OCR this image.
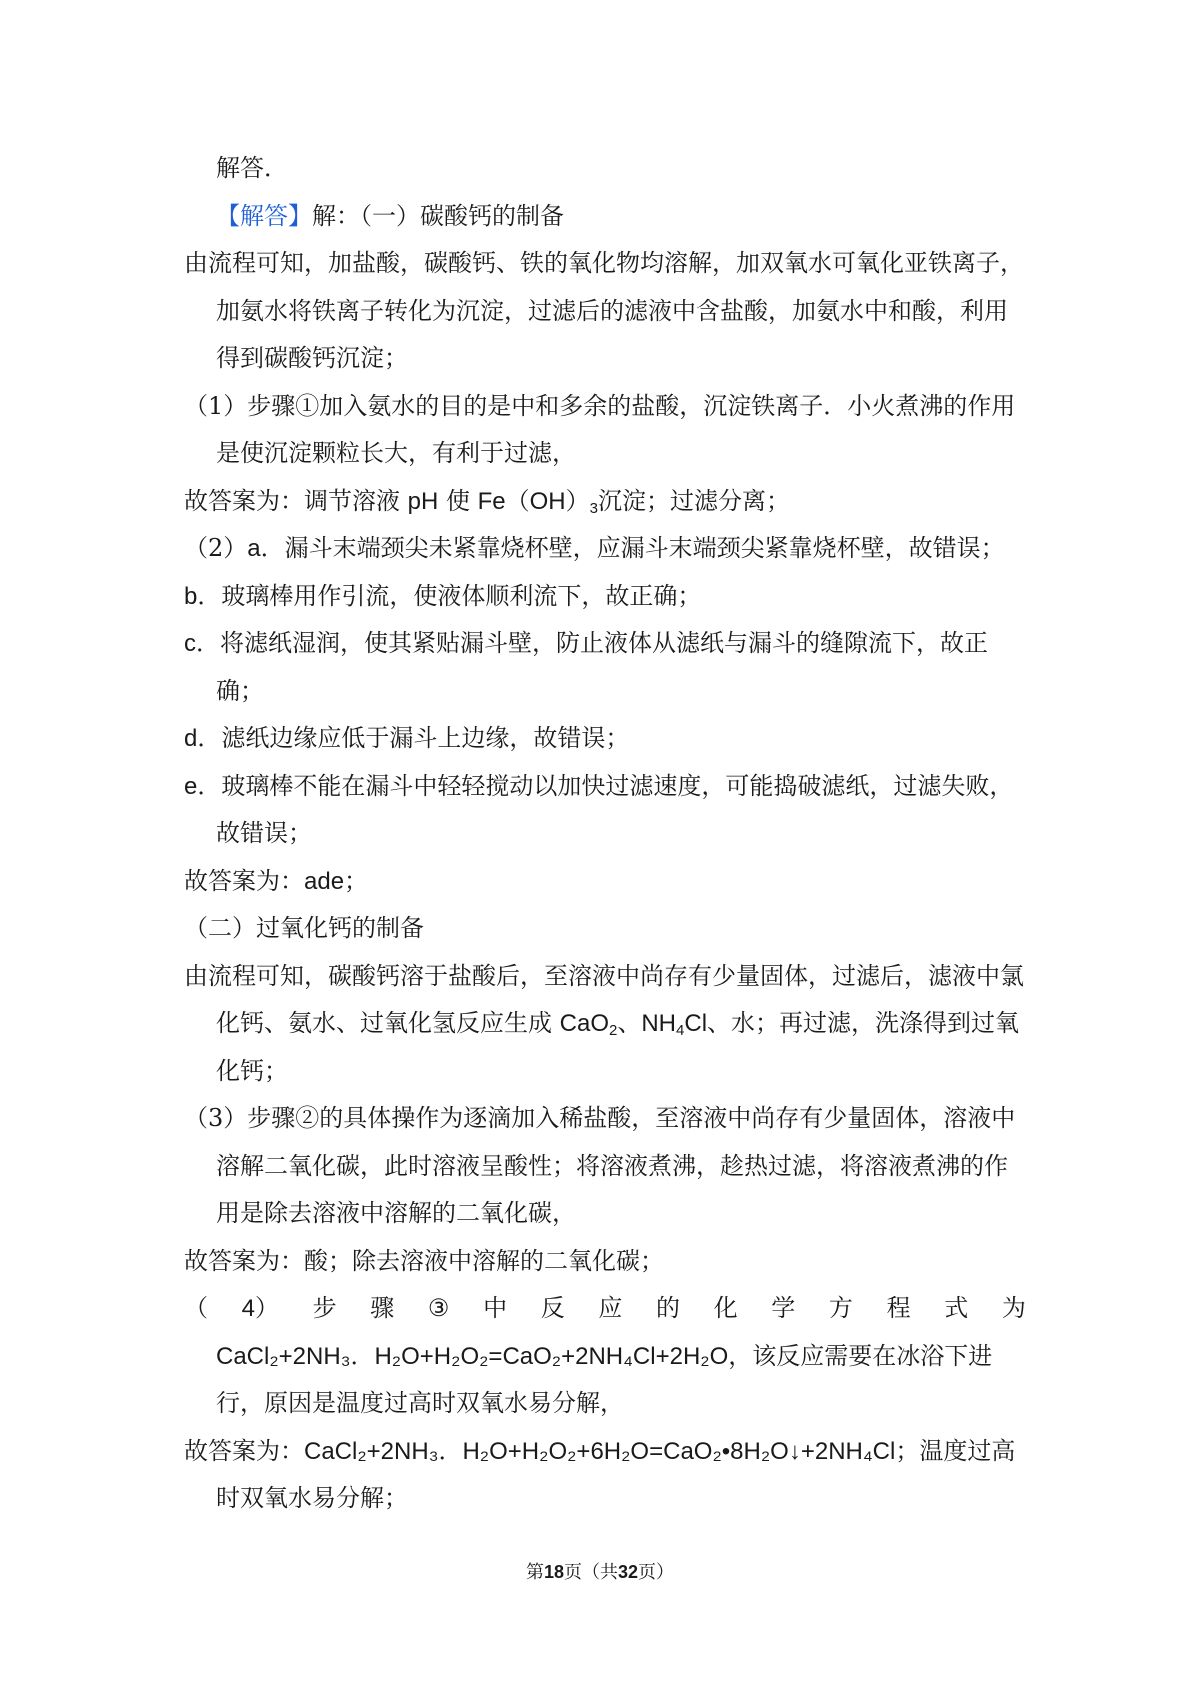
解答．

【解答】解：（一）碳酸钙的制备

由流程可知，加盐酸，碳酸钙、铁的氧化物均溶解，加双氧水可氧化亚铁离子，加氨水将铁离子转化为沉淀，过滤后的滤液中含盐酸，加氨水中和酸，利用得到碳酸钙沉淀；

（1）步骤①加入氨水的目的是中和多余的盐酸，沉淀铁离子．小火煮沸的作用是使沉淀颗粒长大，有利于过滤，

故答案为：调节溶液 pH 使 $Fe(OH)_3$沉淀；过滤分离；

（2）a．漏斗末端颈尖未紧靠烧杯壁，应漏斗末端颈尖紧靠烧杯壁，故错误；

b．玻璃棒用作引流，使液体顺利流下，故正确；

c．将滤纸湿润，使其紧贴漏斗壁，防止液体从滤纸与漏斗的缝隙流下，故正确；

d．滤纸边缘应低于漏斗上边缘，故错误；

e．玻璃棒不能在漏斗中轻轻搅动以加快过滤速度，可能捣破滤纸，过滤失败，故错误；

故答案为：ade；

（二）过氧化钙的制备

由流程可知，碳酸钙溶于盐酸后，至溶液中尚存有少量固体，过滤后，滤液中氯化钙、氨水、过氧化氢反应生成 CaO$_2$、$NH_4Cl$、水；再过滤，洗涤得到过氧化钙；

（3）步骤②的具体操作为逐滴加入稀盐酸，至溶液中尚存有少量固体，溶液中溶解二氧化碳，此时溶液呈酸性；将溶液煮沸，趁热过滤，将溶液煮沸的作用是除去溶液中溶解的二氧化碳，

故答案为：酸；除去溶液中溶解的二氧化碳；

（ 4） 步 骤 ③ 中 反 应 的 化 学 方 程 式 为

CaCl₂+2NH₃．H₂O+H₂O₂=CaO₂+2NH₄Cl+2H₂O，该反应需要在冰浴下进行，原因是温度过高时双氧水易分解，

故答案为：CaCl₂+2NH₃．H₂O+H₂O₂+6H₂O=CaO₂•8H₂O↓+2NH₄Cl；温度过高时双氧水易分解；

第18页（共32页）
